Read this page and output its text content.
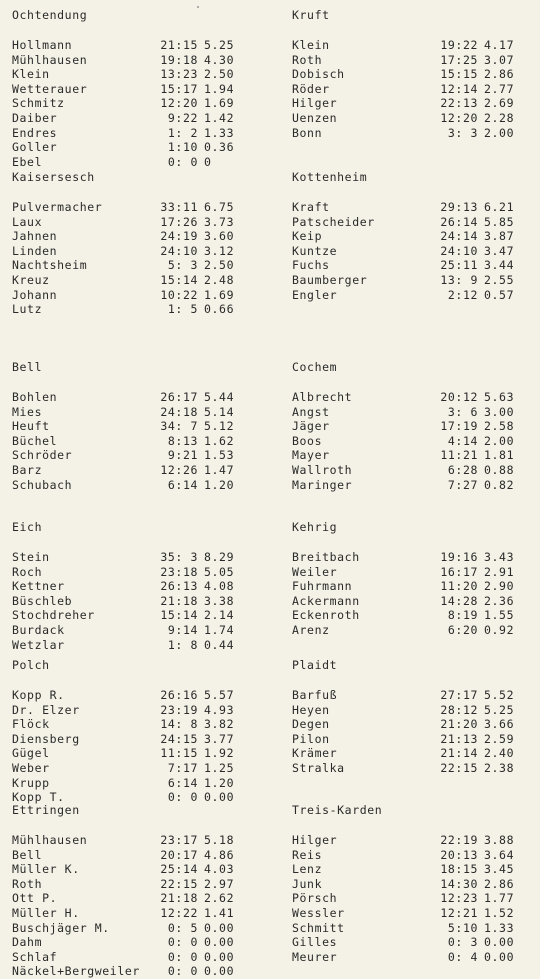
Ochtendung
Hollmann	21:15 5.25
Mühlhausen	19:18 4.30
Klein	13:23 2.50
Wetterauer	15:17 1.94
Schmitz	12:20 1.69
Daiber	9:22 1.42
Endres	1: 2 1.33
Goller	1:10 0.36
Ebel	0: 0 0
Kaisersesch
Pulvermacher	33:11 6.75
Laux	17:26 3.73
Jahnen	24:19 3.60
Linden	24:10 3.12
Nachtsheim	5: 3 2.50
Kreuz	15:14 2.48
Johann	10:22 1.69
Lutz	1: 5 0.66
Bell
Bohlen	26:17 5.44
Mies	24:18 5.14
Heuft	34: 7 5.12
Büchel	8:13 1.62
Schröder	9:21 1.53
Barz	12:26 1.47
Schubach	6:14 1.20
Eich
Stein	35: 3 8.29
Roch	23:18 5.05
Kettner	26:13 4.08
Büschleb	21:18 3.38
Stochdreher	15:14 2.14
Burdack	9:14 1.74
Wetzlar	1: 8 0.44
Polch
Kopp R.	26:16 5.57
Dr. Elzer	23:19 4.93
Flöck	14: 8 3.82
Diensberg	24:15 3.77
Gügel	11:15 1.92
Weber	7:17 1.25
Krupp	6:14 1.20
Kopp T.	0: 0 0.00
Ettringen
Mühlhausen	23:17 5.18
Bell	20:17 4.86
Müller K.	25:14 4.03
Roth	22:15 2.97
Ott P.	21:18 2.62
Müller H.	12:22 1.41
Buschjäger M.	0: 5 0.00
Dahm	0: 0 0.00
Schlaf	0: 0 0.00
Näckel+Bergweiler	0: 0 0.00
Kruft
Klein	19:22 4.17
Roth	17:25 3.07
Dobisch	15:15 2.86
Röder	12:14 2.77
Hilger	22:13 2.69
Uenzen	12:20 2.28
Bonn	3: 3 2.00
Kottenheim
Kraft	29:13 6.21
Patscheider	26:14 5.85
Keip	24:14 3.87
Kuntze	24:10 3.47
Fuchs	25:11 3.44
Baumberger	13: 9 2.55
Engler	2:12 0.57
Cochem
Albrecht	20:12 5.63
Angst	3: 6 3.00
Jäger	17:19 2.58
Boos	4:14 2.00
Mayer	11:21 1.81
Wallroth	6:28 0.88
Maringer	7:27 0.82
Kehrig
Breitbach	19:16 3.43
Weiler	16:17 2.91
Fuhrmann	11:20 2.90
Ackermann	14:28 2.36
Eckenroth	8:19 1.55
Arenz	6:20 0.92
Plaidt
Barfuß	27:17 5.52
Heyen	28:12 5.25
Degen	21:20 3.66
Pilon	21:13 2.59
Krämer	21:14 2.40
Stralka	22:15 2.38
Treis-Karden
Hilger	22:19 3.88
Reis	20:13 3.64
Lenz	18:15 3.45
Junk	14:30 2.86
Pörsch	12:23 1.77
Wessler	12:21 1.52
Schmitt	5:10 1.33
Gilles	0: 3 0.00
Meurer	0: 4 0.00
